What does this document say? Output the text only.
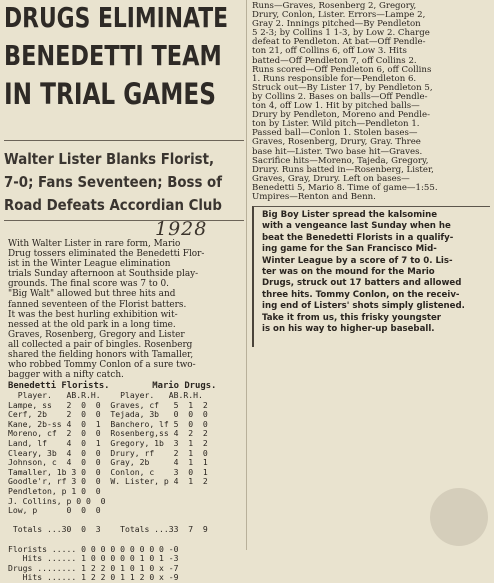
DRUGS ELIMINATE
BENEDETTI TEAM
IN TRIAL GAMES
Walter Lister Blanks Florist,
7-0; Fans Seventeen; Boss of
Road Defeats Accordian Club
1928
With Walter Lister in rare form, Mario
Drug tossers eliminated the Benedetti Flor-
ist in the Winter League elimination
trials Sunday afternoon at Southside play-
grounds. The final score was 7 to 0.
"Big Walt" allowed but three hits and
fanned seventeen of the Florist batters.
It was the best hurling exhibition wit-
nessed at the old park in a long time.
Graves, Rosenberg, Gregory and Lister
all collected a pair of bingles. Rosenberg
shared the fielding honors with Tamaller,
who robbed Tommy Conlon of a sure two-
bagger with a nifty catch.
Benedetti Florists.        Mario Drugs.
Player.   AB.R.H.    Player.   AB.R.H.
Lampe, ss   2  0  0  Graves, cf   5  1  2
Cerf, 2b    2  0  0  Tejada, 3b   0  0  0
Kane, 2b-ss 4  0  1  Banchero, lf 5  0  0
Moreno, cf  2  0  0  Rosenberg,ss 4  2  2
Land, lf    4  0  1  Gregory, 1b  3  1  2
Cleary, 3b  4  0  0  Drury, rf    2  1  0
Johnson, c  4  0  0  Gray, 2b     4  1  1
Tamaller, 1b 3 0  0  Conlon, c    3  0  1
Goodle'r, rf 3 0  0  W. Lister, p 4  1  2
Pendleton, p 1 0  0
J. Collins, p 0 0  0
Low, p      0  0  0

Totals ...30  0  3    Totals ...33  7  9

Florists ..... 0 0 0 0 0 0 0 0 0 -0
Hits ...... 1 0 0 0 0 0 1 0 1 -3
Drugs ........ 1 2 2 0 1 0 1 0 x -7
Hits ...... 1 2 2 0 1 1 2 0 x -9
Runs—Graves, Rosenberg 2, Gregory,
Drury, Conlon, Lister. Errors—Lampe 2,
Gray 2. Innings pitched—By Pendleton
5 2-3; by Collins 1 1-3, by Low 2. Charge
defeat to Pendleton. At bat—Off Pendle-
ton 21, off Collins 6, off Low 3. Hits
batted—Off Pendleton 7, off Collins 2.
Runs scored—Off Pendleton 6, off Collins
1. Runs responsible for—Pendleton 6.
Struck out—By Lister 17, by Pendleton 5,
by Collins 2. Bases on balls—Off Pendle-
ton 4, off Low 1. Hit by pitched balls—
Drury by Pendleton, Moreno and Pendle-
ton by Lister. Wild pitch—Pendleton 1.
Passed ball—Conlon 1. Stolen bases—
Graves, Rosenberg, Drury, Gray. Three
base hit—Lister. Two base hit—Graves.
Sacrifice hits—Moreno, Tajeda, Gregory,
Drury. Runs batted in—Rosenberg, Lister,
Graves, Gray, Drury. Left on bases—
Benedetti 5, Mario 8. Time of game—1:55.
Umpires—Renton and Benn.
Big Boy Lister spread the kalsomine
with a vengeance last Sunday when he
beat the Benedetti Florists in a qualify-
ing game for the San Francisco Mid-
Winter League by a score of 7 to 0. Lis-
ter was on the mound for the Mario
Drugs, struck out 17 batters and allowed
three hits. Tommy Conlon, on the receiv-
ing end of Listers' shots simply glistened.
Take it from us, this frisky youngster
is on his way to higher-up baseball.
